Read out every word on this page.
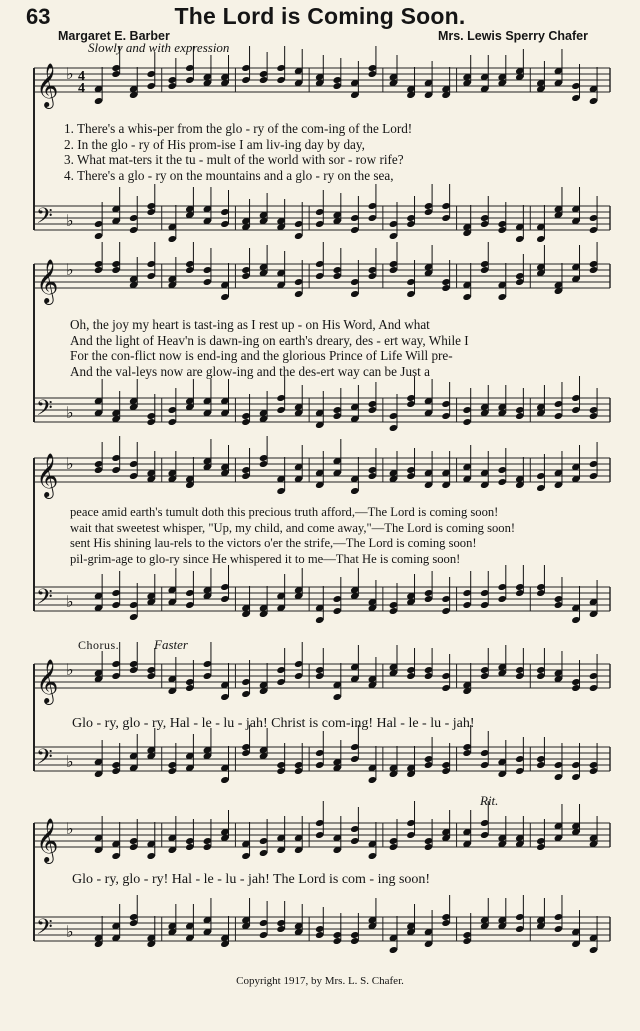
63	The Lord is Coming Soon.
Margaret E. Barber	Mrs. Lewis Sperry Chafer
Slowly and with expression
𝄞 ♭
𝄢 ♭
4
4
𝄞 ♭
𝄢 ♭
𝄞 ♭
𝄢 ♭
𝄞 ♭
𝄢 ♭
𝄞 ♭
𝄢 ♭
1. There's a whis-per from the glo - ry of the com-ing of the Lord!
2. In the glo - ry of His prom-ise I am liv-ing day by day,
3. What mat-ters it the tu - mult of the world with sor - row rife?
4. There's a glo - ry on the mountains and a glo - ry on the sea,
Oh, the joy my heart is tast-ing as I rest up - on His Word, And what
And the light of Heav'n is dawn-ing on earth's dreary, des - ert way, While I
For the con-flict now is end-ing and the glorious Prince of Life Will pre-
And the val-leys now are glow-ing and the des-ert way can be Just a
peace amid earth's tumult doth this precious truth afford,—The Lord is coming soon!
wait that sweetest whisper, "Up, my child, and come away,"—The Lord is coming soon!
sent His shining lau-rels to the victors o'er the strife,—The Lord is coming soon!
pil-grim-age to glo-ry since He whispered it to me—That He is coming soon!
Chorus.	Faster
Glo - ry, glo - ry, Hal - le - lu - jah! Christ is com-ing! Hal - le - lu - jah!
Rit.
Glo - ry, glo - ry! Hal - le - lu - jah! The Lord is com - ing soon!
Copyright 1917, by Mrs. L. S. Chafer.
